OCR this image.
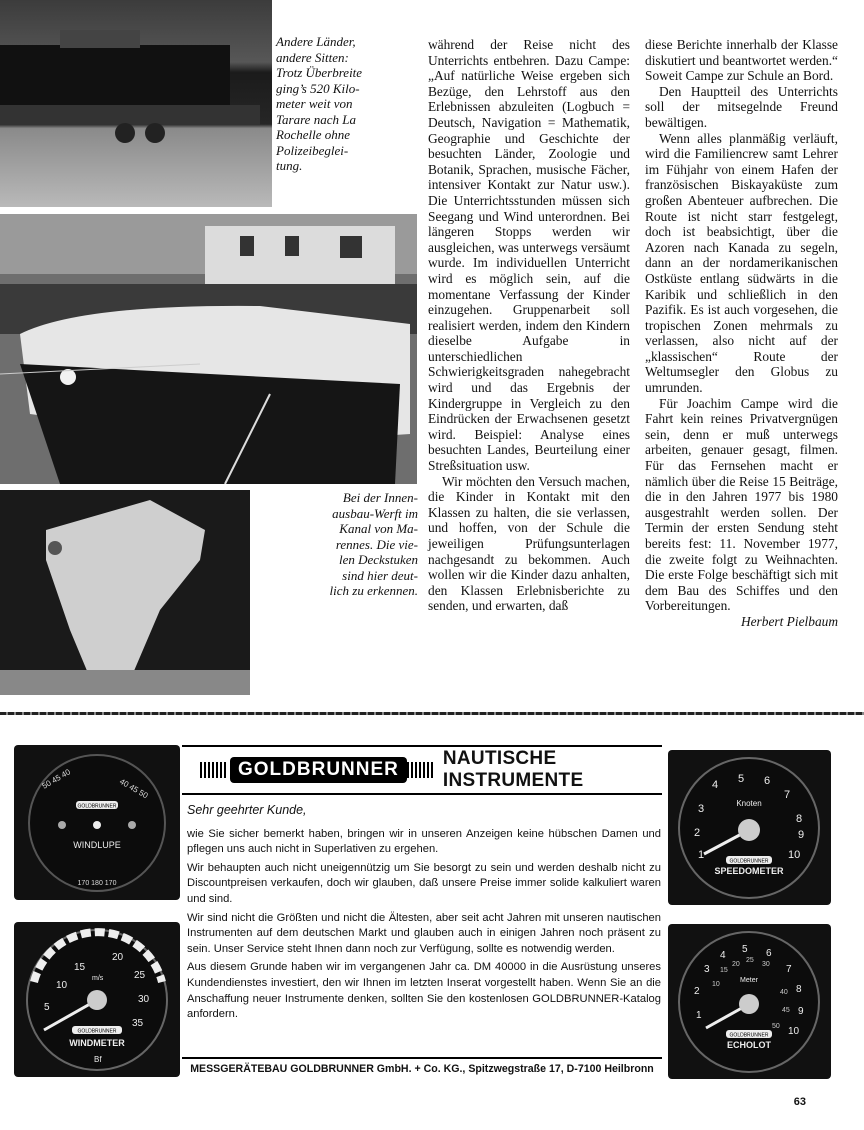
Andere Länder,
andere Sitten:
Trotz Überbreite
ging’s 520 Kilo-
meter weit von
Tarare nach La
Rochelle ohne
Polizeibeglei-
tung.
Bei der Innen-
ausbau-Werft im
Kanal von Ma-
rennes. Die vie-
len Deckstuken
sind hier deut-
lich zu erkennen.

während der Reise nicht des Unterrichts entbehren. Dazu Campe: „Auf natürliche Weise ergeben sich Bezüge, den Lehrstoff aus den Erlebnissen abzuleiten (Logbuch = Deutsch, Navigation = Mathematik, Geographie und Geschichte der besuchten Länder, Zoologie und Botanik, Sprachen, musische Fächer, intensiver Kontakt zur Natur usw.). Die Unterrichtsstunden müssen sich Seegang und Wind unterordnen. Bei längeren Stopps werden wir ausgleichen, was unterwegs versäumt wurde. Im individuellen Unterricht wird es möglich sein, auf die momentane Verfassung der Kinder einzugehen. Gruppenarbeit soll realisiert werden, indem den Kindern dieselbe Aufgabe in unterschiedlichen Schwierigkeitsgraden nahegebracht wird und das Ergebnis der Kindergruppe in Vergleich zu den Eindrücken der Erwachsenen gesetzt wird. Beispiel: Analyse eines besuchten Landes, Beurteilung einer Streßsituation usw.

Wir möchten den Versuch machen, die Kinder in Kontakt mit den Klassen zu halten, die sie verlassen, und hoffen, von der Schule die jeweiligen Prüfungsunterlagen nachgesandt zu bekommen. Auch wollen wir die Kinder dazu anhalten, den Klassen Erlebnisberichte zu senden, und erwarten, daß

diese Berichte innerhalb der Klasse diskutiert und beantwortet werden.“ Soweit Campe zur Schule an Bord.

Den Hauptteil des Unterrichts soll der mitsegelnde Freund bewältigen.

Wenn alles planmäßig verläuft, wird die Familiencrew samt Lehrer im Fühjahr von einem Hafen der französischen Biskayaküste zum großen Abenteuer aufbrechen. Die Route ist nicht starr festgelegt, doch ist beabsichtigt, über die Azoren nach Kanada zu segeln, dann an der nordamerikanischen Ostküste entlang südwärts in die Karibik und schließlich in den Pazifik. Es ist auch vorgesehen, die tropischen Zonen mehrmals zu verlassen, also nicht auf der „klassischen“ Route der Weltumsegler den Globus zu umrunden.

Für Joachim Campe wird die Fahrt kein reines Privatvergnügen sein, denn er muß unterwegs arbeiten, genauer gesagt, filmen. Für das Fernsehen macht er nämlich über die Reise 15 Beiträge, die in den Jahren 1977 bis 1980 ausgestrahlt werden sollen. Der Termin der ersten Sendung steht bereits fest: 11. November 1977, die zweite folgt zu Weihnachten. Die erste Folge beschäftigt sich mit dem Bau des Schiffes und den Vorbereitungen.

Herbert Pielbaum

50 45 40	40 45 50
GOLDBRUNNER
WINDLUPE
170 180 170
15
20
25
30
35
10
5
m/s
GOLDBRUNNER
WINDMETER
Bf
GOLDBRUNNER
NAUTISCHE INSTRUMENTE

Sehr geehrter Kunde,

wie Sie sicher bemerkt haben, bringen wir in unseren Anzeigen keine hübschen Damen und pflegen uns auch nicht in Superlativen zu ergehen.

Wir behaupten auch nicht uneigennützig um Sie besorgt zu sein und werden deshalb nicht zu Discountpreisen verkaufen, doch wir glauben, daß unsere Preise immer solide kalkuliert waren und sind.

Wir sind nicht die Größten und nicht die Ältesten, aber seit acht Jahren mit unseren nautischen Instrumenten auf dem deutschen Markt und glauben auch in einigen Jahren noch präsent zu sein. Unser Service steht Ihnen dann noch zur Verfügung, sollte es notwendig werden.

Aus diesem Grunde haben wir im vergangenen Jahr ca. DM 40000 in die Ausrüstung unseres Kundendienstes investiert, den wir Ihnen im letzten Inserat vorgestellt haben. Wenn Sie an die Anschaffung neuer Instrumente denken, sollten Sie den kostenlosen GOLDBRUNNER-Katalog anfordern.

MESSGERÄTEBAU GOLDBRUNNER GmbH. + Co. KG., Spitzwegstraße 17, D-7100 Heilbronn
5 6
7
8
9
10
4
3
2
1
Knoten
GOLDBRUNNER
SPEEDOMETER
4
5 6
7
8
9
10
3
2
1
15
20
25
30
40
45
50
10
Meter
GOLDBRUNNER
ECHOLOT
63
